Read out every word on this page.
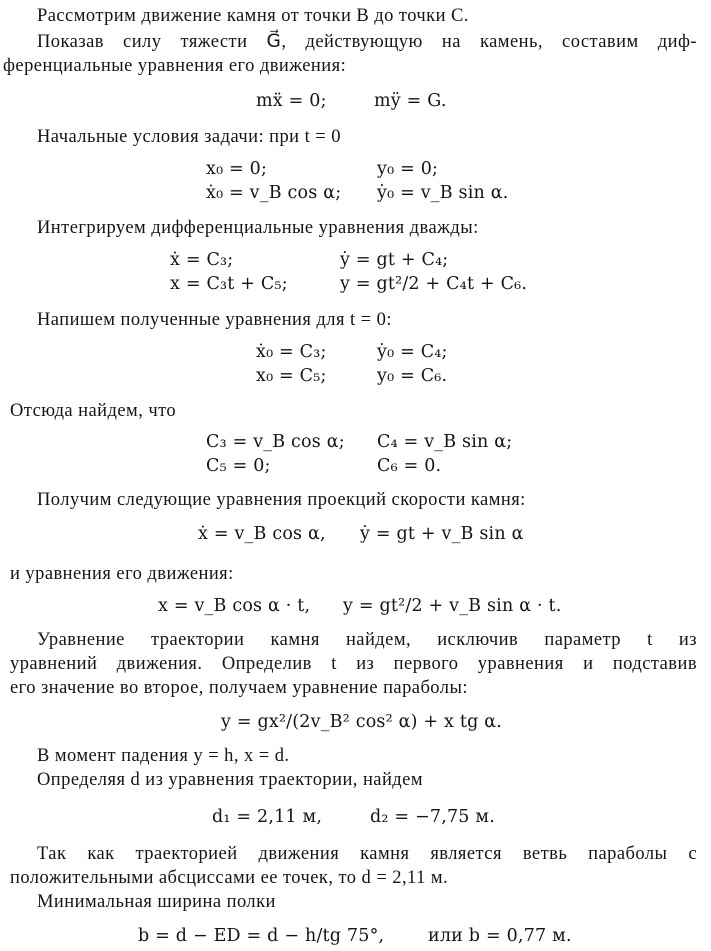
Рассмотрим движение камня от точки B до точки C.
Показав силу тяжести G⃗, действующую на камень, составим диф-
ференциальные уравнения его движения:
mẍ = 0;	mÿ = G.
Начальные условия задачи: при t = 0
x₀ = 0;	y₀ = 0;
ẋ₀ = v_B cos α; ẏ₀ = v_B sin α.
Интегрируем дифференциальные уравнения дважды:
ẋ = C₃;	ẏ = gt + C₄;
x = C₃t + C₅;	y = gt²/2 + C₄t + C₆.
Напишем полученные уравнения для t = 0:
ẋ₀ = C₃;	ẏ₀ = C₄;
x₀ = C₅;	y₀ = C₆.
Отсюда найдем, что
C₃ = v_B cos α; C₄ = v_B sin α;
C₅ = 0;	C₆ = 0.
Получим следующие уравнения проекций скорости камня:
ẋ = v_B cos α, ẏ = gt + v_B sin α
и уравнения его движения:
x = v_B cos α · t, y = gt²/2 + v_B sin α · t.
Уравнение траектории камня найдем, исключив параметр t из
уравнений движения. Определив t из первого уравнения и подставив
его значение во второе, получаем уравнение параболы:
y = gx²/(2v_B² cos² α) + x tg α.
В момент падения y = h, x = d.
Определяя d из уравнения траектории, найдем
d₁ = 2,11 м,	d₂ = −7,75 м.
Так как траекторией движения камня является ветвь параболы с
положительными абсциссами ее точек, то d = 2,11 м.
Минимальная ширина полки
b = d − ED = d − h/tg 75°, или b = 0,77 м.
